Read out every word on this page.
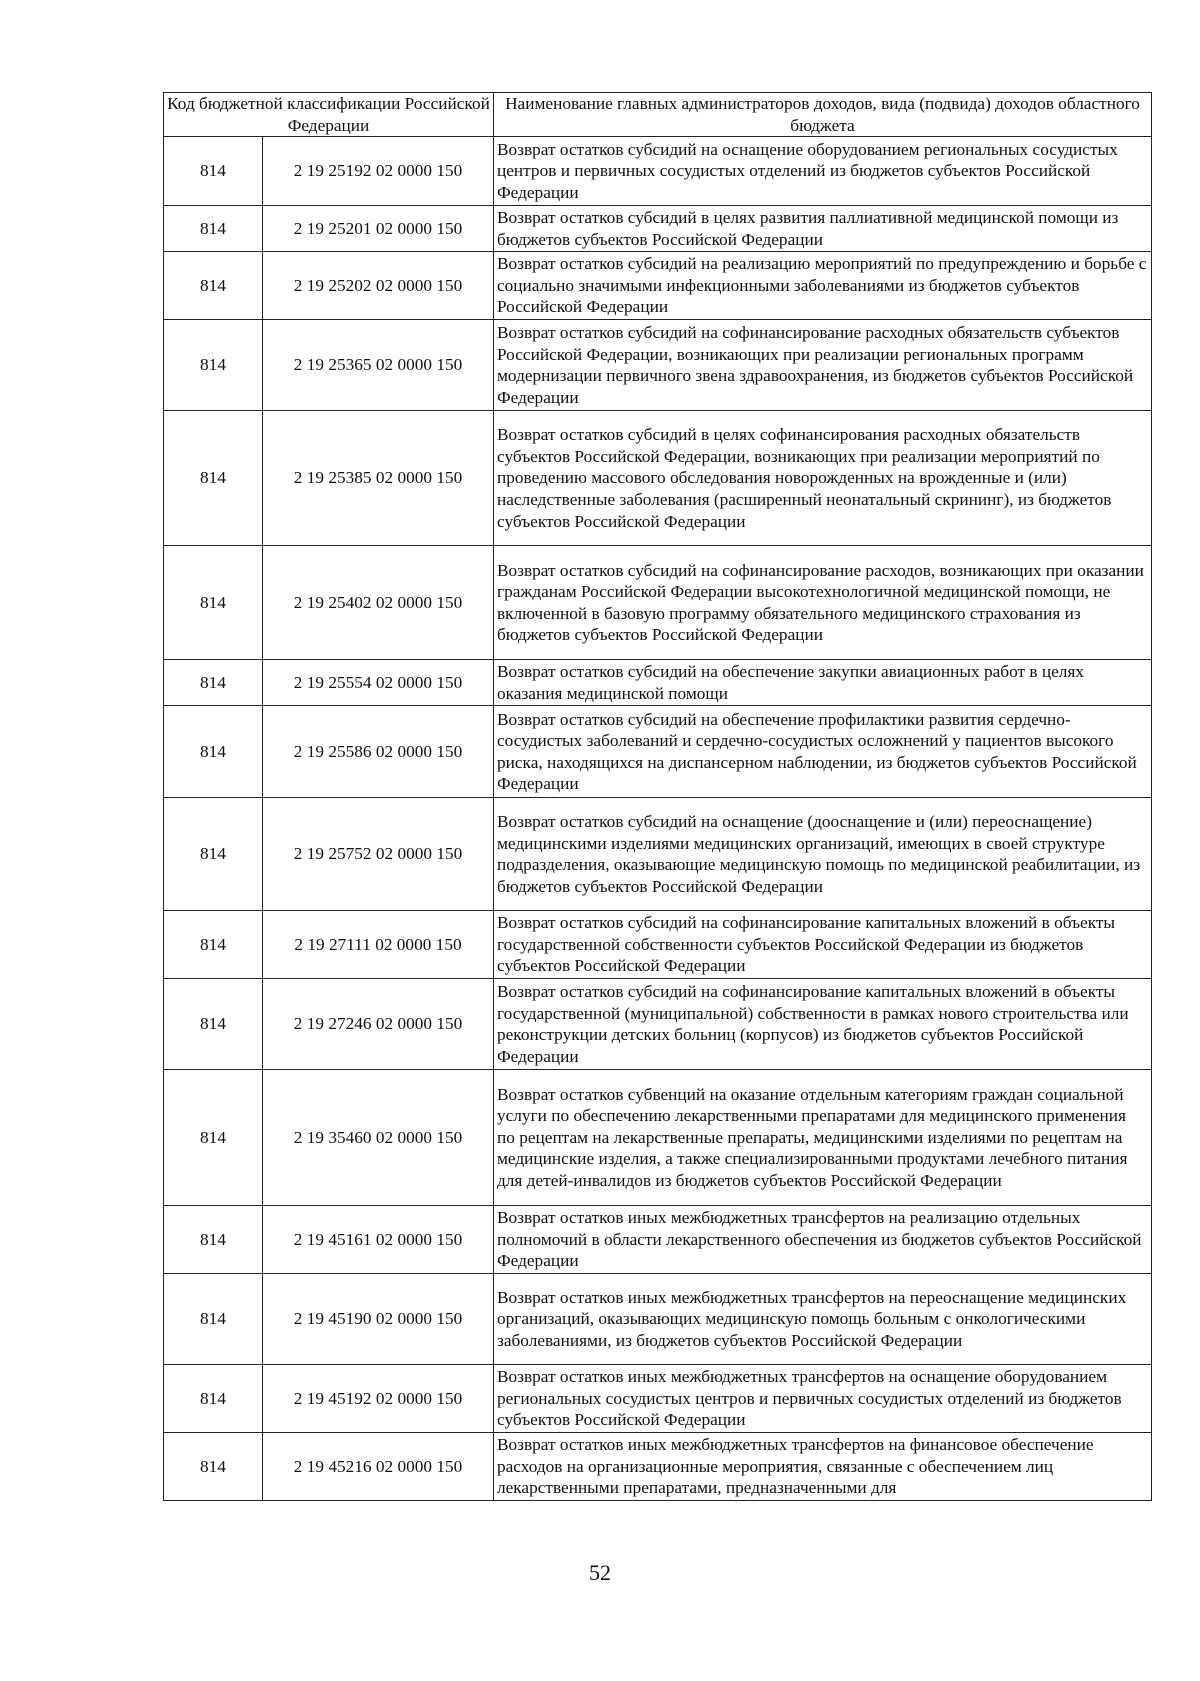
Код бюджетной классификации Российской Федерации		Наименование главных администраторов доходов, вида (подвида) доходов областного бюджета
814	2 19 25192 02 0000 150	Возврат остатков субсидий на оснащение оборудованием региональных сосудистых центров и первичных сосудистых отделений из бюджетов субъектов Российской Федерации
814	2 19 25201 02 0000 150	Возврат остатков субсидий в целях развития паллиативной медицинской помощи из бюджетов субъектов Российской Федерации
814	2 19 25202 02 0000 150	Возврат остатков субсидий на реализацию мероприятий по предупреждению и борьбе с социально значимыми инфекционными заболеваниями из бюджетов субъектов Российской Федерации
814	2 19 25365 02 0000 150	Возврат остатков субсидий на софинансирование расходных обязательств субъектов Российской Федерации, возникающих при реализации региональных программ модернизации первичного звена здравоохранения, из бюджетов субъектов Российской Федерации
814	2 19 25385 02 0000 150	Возврат остатков субсидий в целях софинансирования расходных обязательств субъектов Российской Федерации, возникающих при реализации мероприятий по проведению массового обследования новорожденных на врожденные и (или) наследственные заболевания (расширенный неонатальный скрининг), из бюджетов субъектов Российской Федерации
814	2 19 25402 02 0000 150	Возврат остатков субсидий на софинансирование расходов, возникающих при оказании гражданам Российской Федерации высокотехнологичной медицинской помощи, не включенной в базовую программу обязательного медицинского страхования из бюджетов субъектов Российской Федерации
814	2 19 25554 02 0000 150	Возврат остатков субсидий на обеспечение закупки авиационных работ в целях оказания медицинской помощи
814	2 19 25586 02 0000 150	Возврат остатков субсидий на обеспечение профилактики развития сердечно-сосудистых заболеваний и сердечно-сосудистых осложнений у пациентов высокого риска, находящихся на диспансерном наблюдении, из бюджетов субъектов Российской Федерации
814	2 19 25752 02 0000 150	Возврат остатков субсидий на оснащение (дооснащение и (или) переоснащение) медицинскими изделиями медицинских организаций, имеющих в своей структуре подразделения, оказывающие медицинскую помощь по медицинской реабилитации, из бюджетов субъектов Российской Федерации
814	2 19 27111 02 0000 150	Возврат остатков субсидий на софинансирование капитальных вложений в объекты государственной собственности субъектов Российской Федерации из бюджетов субъектов Российской Федерации
814	2 19 27246 02 0000 150	Возврат остатков субсидий на софинансирование капитальных вложений в объекты государственной (муниципальной) собственности в рамках нового строительства или реконструкции детских больниц (корпусов) из бюджетов субъектов Российской Федерации
814	2 19 35460 02 0000 150	Возврат остатков субвенций на оказание отдельным категориям граждан социальной услуги по обеспечению лекарственными препаратами для медицинского применения по рецептам на лекарственные препараты, медицинскими изделиями по рецептам на медицинские изделия, а также специализированными продуктами лечебного питания для детей-инвалидов из бюджетов субъектов Российской Федерации
814	2 19 45161 02 0000 150	Возврат остатков иных межбюджетных трансфертов на реализацию отдельных полномочий в области лекарственного обеспечения из бюджетов субъектов Российской Федерации
814	2 19 45190 02 0000 150	Возврат остатков иных межбюджетных трансфертов на переоснащение медицинских организаций, оказывающих медицинскую помощь больным с онкологическими заболеваниями, из бюджетов субъектов Российской Федерации
814	2 19 45192 02 0000 150	Возврат остатков иных межбюджетных трансфертов на оснащение оборудованием региональных сосудистых центров и первичных сосудистых отделений из бюджетов субъектов Российской Федерации
814	2 19 45216 02 0000 150	Возврат остатков иных межбюджетных трансфертов на финансовое обеспечение расходов на организационные мероприятия, связанные с обеспечением лиц лекарственными препаратами, предназначенными для
52
